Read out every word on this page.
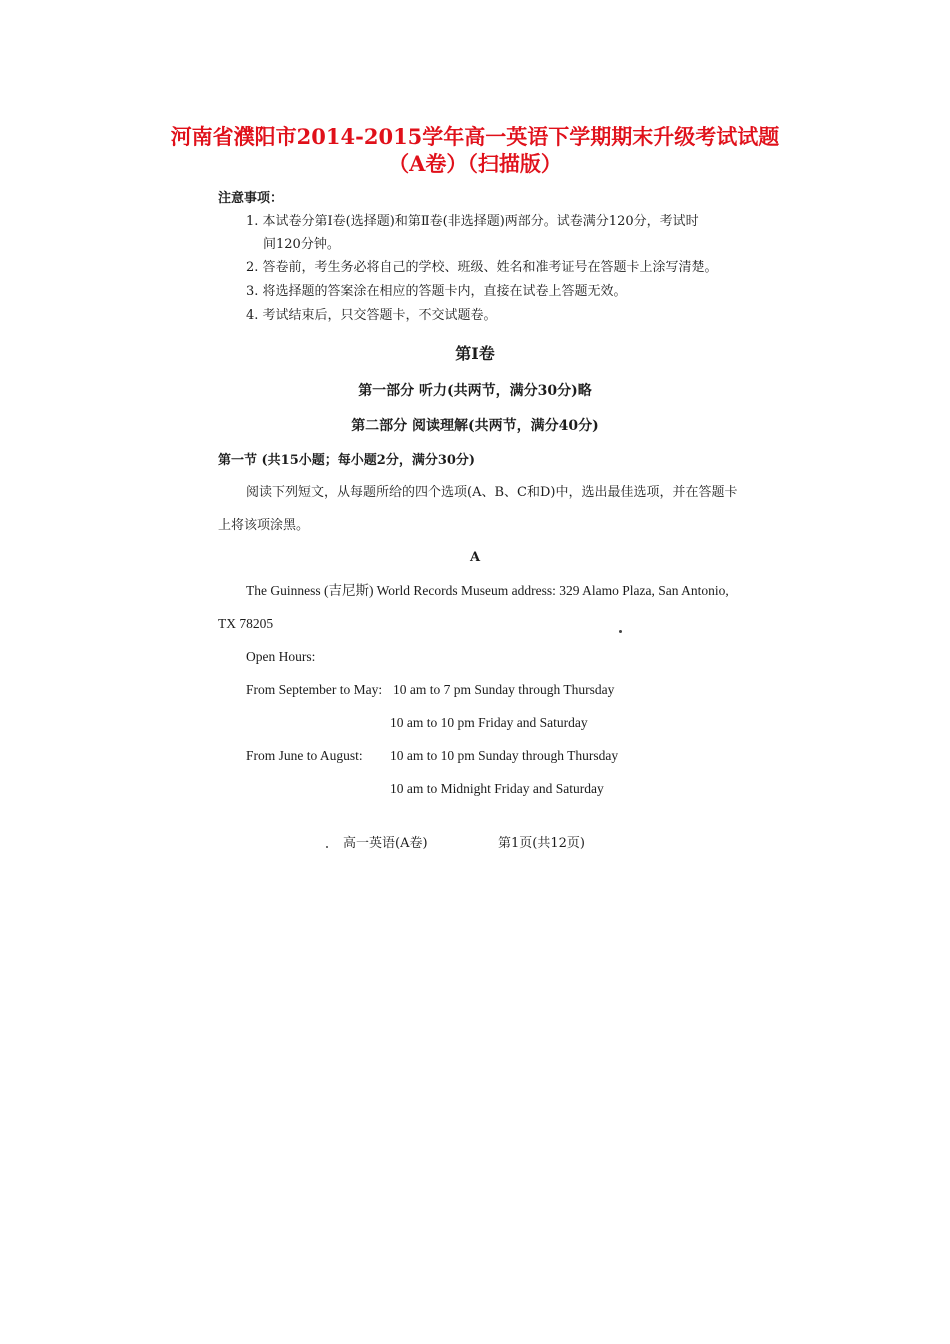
河南省濮阳市2014-2015学年高一英语下学期期末升级考试试题
（A卷）（扫描版）
注意事项：
1. 本试卷分第Ⅰ卷(选择题)和第Ⅱ卷(非选择题)两部分。试卷满分120分，考试时
间120分钟。
2. 答卷前，考生务必将自己的学校、班级、姓名和准考证号在答题卡上涂写清楚。
3. 将选择题的答案涂在相应的答题卡内，直接在试卷上答题无效。
4. 考试结束后，只交答题卡，不交试题卷。
第Ⅰ卷
第一部分 听力(共两节，满分30分)略
第二部分 阅读理解(共两节，满分40分)
第一节 (共15小题；每小题2分，满分30分)
阅读下列短文，从每题所给的四个选项(A、B、C和D)中，选出最佳选项，并在答题卡
上将该项涂黑。
A
The Guinness (吉尼斯) World Records Museum address: 329 Alamo Plaza, San Antonio,
TX 78205
Open Hours:
From September to May: 10 am to 7 pm Sunday through Thursday
10 am to 10 pm Friday and Saturday
From June to August: 10 am to 10 pm Sunday through Thursday
10 am to Midnight Friday and Saturday
高一英语(A卷)	第1页(共12页)
